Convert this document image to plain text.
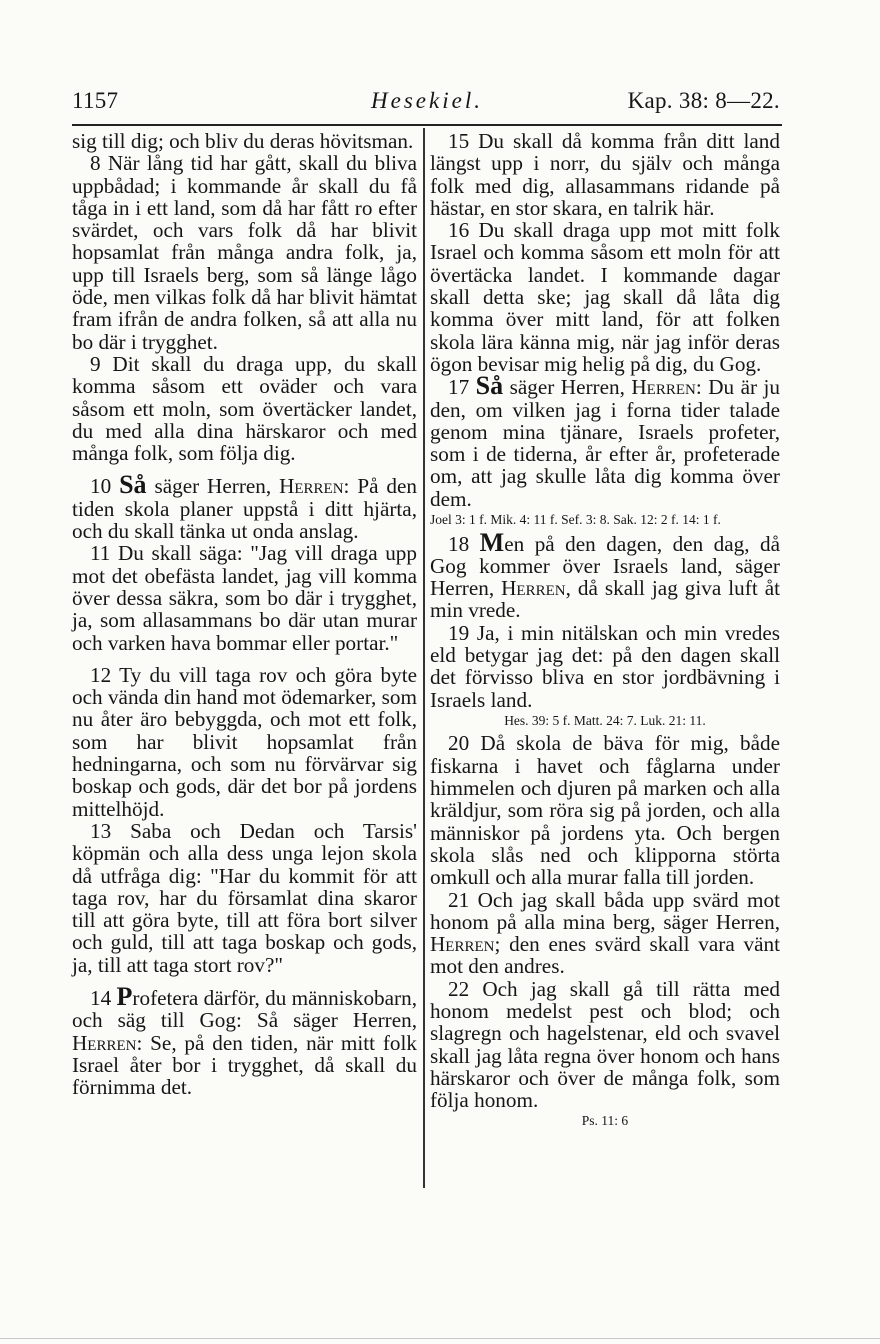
1157	Hesekiel.	Kap. 38: 8—22.

sig till dig; och bliv du deras hövitsman.

8 När lång tid har gått, skall du bliva uppbådad; i kommande år skall du få tåga in i ett land, som då har fått ro efter svärdet, och vars folk då har blivit hopsamlat från många andra folk, ja, upp till Israels berg, som så länge lågo öde, men vilkas folk då har blivit hämtat fram ifrån de andra folken, så att alla nu bo där i trygghet.

9 Dit skall du draga upp, du skall komma såsom ett oväder och vara såsom ett moln, som övertäcker landet, du med alla dina härskaror och med många folk, som följa dig.

10 Så säger Herren, Herren: På den tiden skola planer uppstå i ditt hjärta, och du skall tänka ut onda anslag.

11 Du skall säga: "Jag vill draga upp mot det obefästa landet, jag vill komma över dessa säkra, som bo där i trygghet, ja, som allasammans bo där utan murar och varken hava bommar eller portar."

12 Ty du vill taga rov och göra byte och vända din hand mot ödemarker, som nu åter äro bebyggda, och mot ett folk, som har blivit hopsamlat från hedningarna, och som nu förvärvar sig boskap och gods, där det bor på jordens mittelhöjd.

13 Saba och Dedan och Tarsis' köpmän och alla dess unga lejon skola då utfråga dig: "Har du kommit för att taga rov, har du församlat dina skaror till att göra byte, till att föra bort silver och guld, till att taga boskap och gods, ja, till att taga stort rov?"

14 Profetera därför, du människobarn, och säg till Gog: Så säger Herren, Herren: Se, på den tiden, när mitt folk Israel åter bor i trygghet, då skall du förnimma det.

15 Du skall då komma från ditt land längst upp i norr, du själv och många folk med dig, allasammans ridande på hästar, en stor skara, en talrik här.

16 Du skall draga upp mot mitt folk Israel och komma såsom ett moln för att övertäcka landet. I kommande dagar skall detta ske; jag skall då låta dig komma över mitt land, för att folken skola lära känna mig, när jag inför deras ögon bevisar mig helig på dig, du Gog.

17 Så säger Herren, Herren: Du är ju den, om vilken jag i forna tider talade genom mina tjänare, Israels profeter, som i de tiderna, år efter år, profeterade om, att jag skulle låta dig komma över dem.

Joel 3: 1 f. Mik. 4: 11 f. Sef. 3: 8. Sak. 12: 2 f. 14: 1 f.

18 Men på den dagen, den dag, då Gog kommer över Israels land, säger Herren, Herren, då skall jag giva luft åt min vrede.

19 Ja, i min nitälskan och min vredes eld betygar jag det: på den dagen skall det förvisso bliva en stor jordbävning i Israels land.

Hes. 39: 5 f. Matt. 24: 7. Luk. 21: 11.

20 Då skola de bäva för mig, både fiskarna i havet och fåglarna under himmelen och djuren på marken och alla kräldjur, som röra sig på jorden, och alla människor på jordens yta. Och bergen skola slås ned och klipporna störta omkull och alla murar falla till jorden.

21 Och jag skall båda upp svärd mot honom på alla mina berg, säger Herren, Herren; den enes svärd skall vara vänt mot den andres.

22 Och jag skall gå till rätta med honom medelst pest och blod; och slagregn och hagelstenar, eld och svavel skall jag låta regna över honom och hans härskaror och över de många folk, som följa honom.

Ps. 11: 6
